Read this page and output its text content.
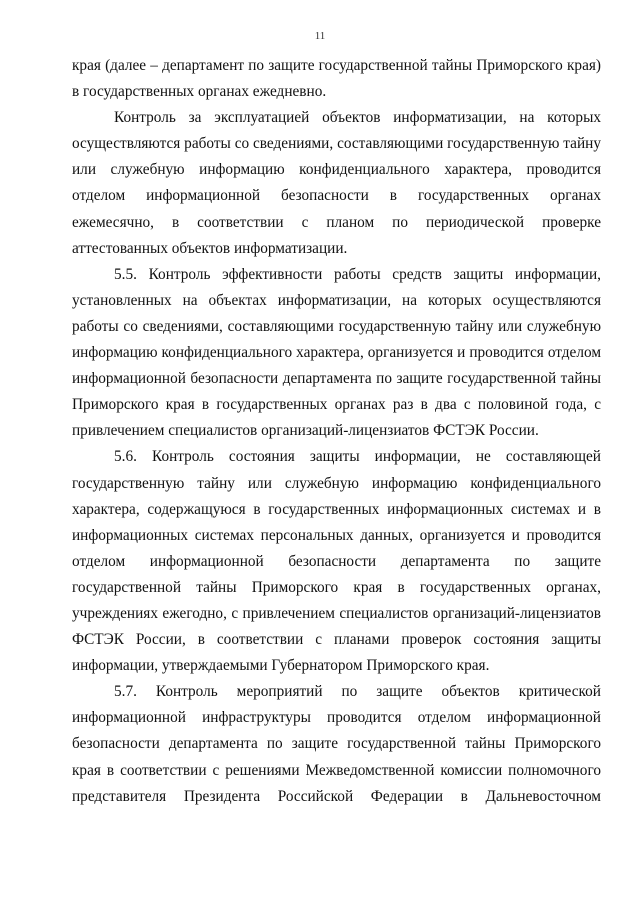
11

края (далее – департамент по защите государственной тайны Приморского края) в государственных органах ежедневно.

Контроль за эксплуатацией объектов информатизации, на которых осуществляются работы со сведениями, составляющими государственную тайну или служебную информацию конфиденциального характера, проводится отделом информационной безопасности в государственных органах ежемесячно, в соответствии с планом по периодической проверке аттестованных объектов информатизации.

5.5. Контроль эффективности работы средств защиты информации, установленных на объектах информатизации, на которых осуществляются работы со сведениями, составляющими государственную тайну или служебную информацию конфиденциального характера, организуется и проводится отделом информационной безопасности департамента по защите государственной тайны Приморского края в государственных органах раз в два с половиной года, с привлечением специалистов организаций-лицензиатов ФСТЭК России.

5.6. Контроль состояния защиты информации, не составляющей государственную тайну или служебную информацию конфиденциального характера, содержащуюся в государственных информационных системах и в информационных системах персональных данных, организуется и проводится отделом информационной безопасности департамента по защите государственной тайны Приморского края в государственных органах, учреждениях ежегодно, с привлечением специалистов организаций-лицензиатов ФСТЭК России, в соответствии с планами проверок состояния защиты информации, утверждаемыми Губернатором Приморского края.

5.7. Контроль мероприятий по защите объектов критической информационной инфраструктуры проводится отделом информационной безопасности департамента по защите государственной тайны Приморского края в соответствии с решениями Межведомственной комиссии полномочного представителя Президента Российской Федерации в Дальневосточном
